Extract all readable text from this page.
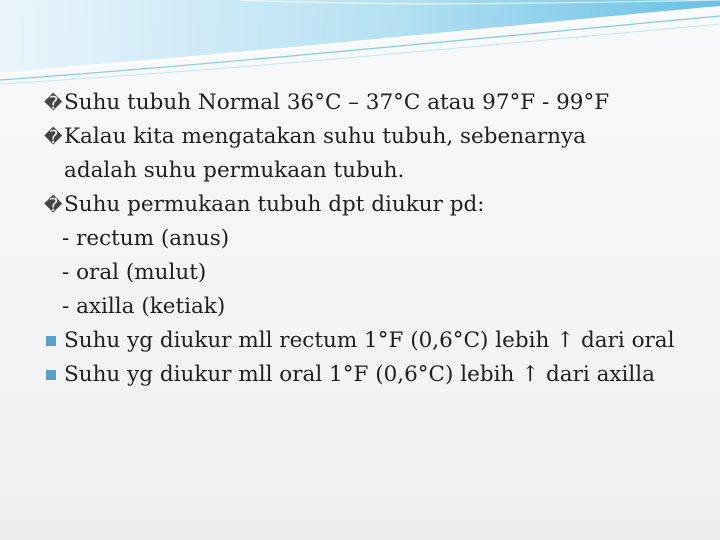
�Suhu tubuh Normal 36°C – 37°C atau 97°F - 99°F
�Kalau kita mengatakan suhu tubuh, sebenarnya
adalah suhu permukaan tubuh.
�Suhu permukaan tubuh dpt diukur pd:
- rectum (anus)
- oral (mulut)
- axilla (ketiak)
Suhu yg diukur mll rectum 1°F (0,6°C) lebih ↑ dari oral
Suhu yg diukur mll oral 1°F (0,6°C) lebih ↑ dari axilla
